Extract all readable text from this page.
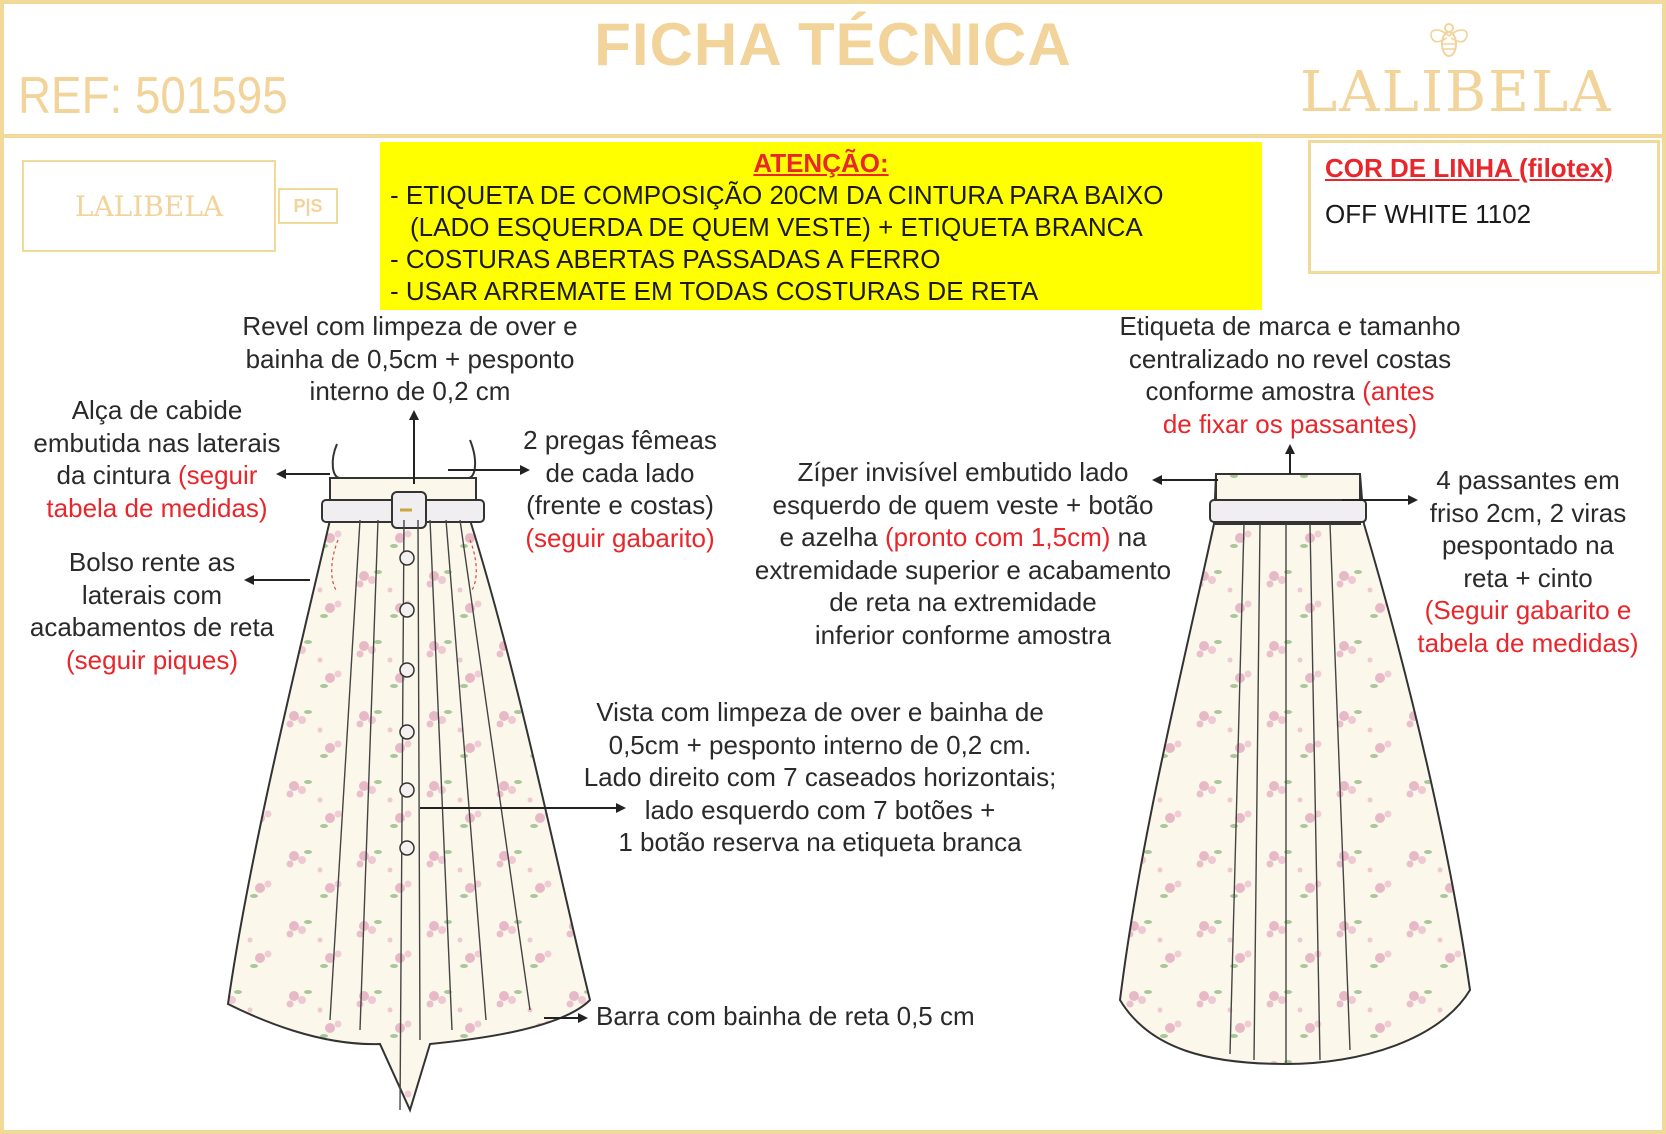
FICHA TÉCNICA
REF: 501595	LALIBELA
LALIBELA	P|S
ATENÇÃO:
- ETIQUETA DE COMPOSIÇÃO 20CM DA CINTURA PARA BAIXO
(LADO ESQUERDA DE QUEM VESTE) + ETIQUETA BRANCA
- COSTURAS ABERTAS PASSADAS A FERRO
- USAR ARREMATE EM TODAS COSTURAS DE RETA
COR DE LINHA (filotex)
OFF WHITE 1102
Revel com limpeza de over e
bainha de 0,5cm + pesponto
interno de 0,2 cm
Alça de cabide
embutida nas laterais
da cintura (seguir
tabela de medidas)
2 pregas fêmeas
de cada lado
(frente e costas)
(seguir gabarito)
Bolso rente as
laterais com
acabamentos de reta
(seguir piques)
Vista com limpeza de over e bainha de
0,5cm + pesponto interno de 0,2 cm.
Lado direito com 7 caseados horizontais;
lado esquerdo com 7 botões +
1 botão reserva na etiqueta branca
Barra com bainha de reta 0,5 cm
Etiqueta de marca e tamanho
centralizado no revel costas
conforme amostra (antes
de fixar os passantes)
Zíper invisível embutido lado
esquerdo de quem veste + botão
e azelha (pronto com 1,5cm) na
extremidade superior e acabamento
de reta na extremidade
inferior conforme amostra
4 passantes em
friso 2cm, 2 viras
pespontado na
reta + cinto
(Seguir gabarito e
tabela de medidas)
